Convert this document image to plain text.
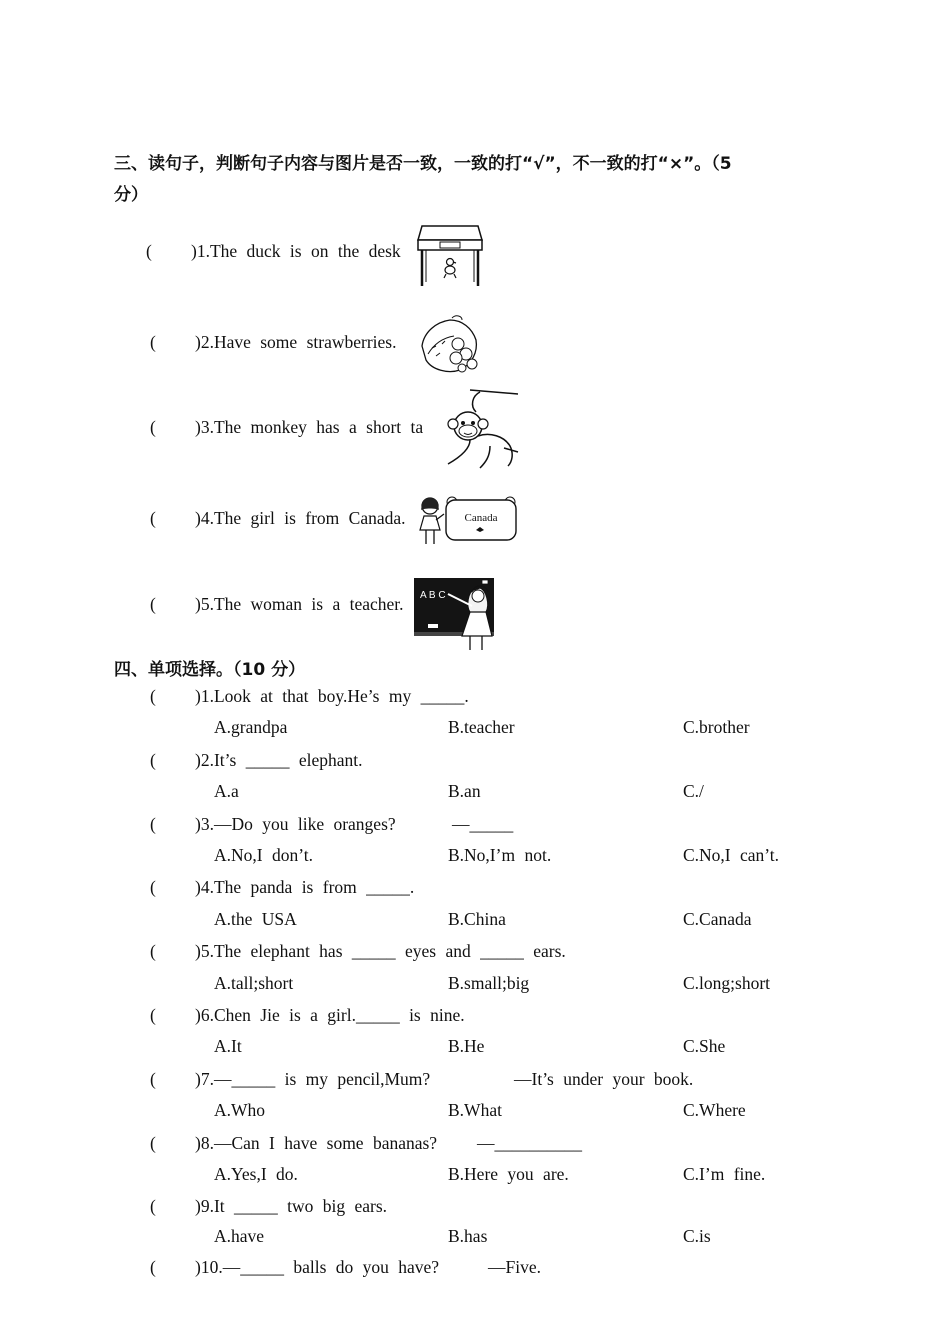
三、读句子，判断句子内容与图片是否一致，一致的打“√”，不一致的打“×”。（5
分）
( )1.The duck is on the desk
( )2.Have some strawberries.
( )3.The monkey has a short ta
( )4.The girl is from Canada.
( )5.The woman is a teacher.
Canada
A B C
四、单项选择。（10 分）
( )1.Look at that boy.He’s my _____.
A.grandpa	B.teacher	C.brother
( )2.It’s _____ elephant.
A.a	B.an	C./
( )3.—Do you like oranges?	—_____
A.No,I don’t.	B.No,I’m not.	C.No,I can’t.
( )4.The panda is from _____.
A.the USA	B.China	C.Canada
( )5.The elephant has _____ eyes and _____ ears.
A.tall;short	B.small;big	C.long;short
( )6.Chen Jie is a girl._____ is nine.
A.It	B.He	C.She
( )7.—_____ is my pencil,Mum?	—It’s under your book.
A.Who	B.What	C.Where
( )8.—Can I have some bananas? —__________
A.Yes,I do.	B.Here you are.	C.I’m fine.
( )9.It _____ two big ears.
A.have	B.has	C.is
( )10.—_____ balls do you have?	—Five.
